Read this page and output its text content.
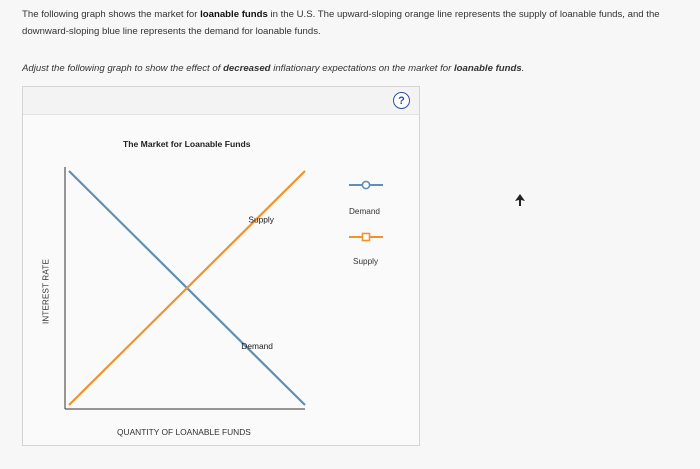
The following graph shows the market for loanable funds in the U.S. The upward-sloping orange line represents the supply of loanable funds, and the downward-sloping blue line represents the demand for loanable funds.
Adjust the following graph to show the effect of decreased inflationary expectations on the market for loanable funds.
?
The Market for Loanable Funds
INTEREST RATE
QUANTITY OF LOANABLE FUNDS
Supply
Demand
Demand
Supply
